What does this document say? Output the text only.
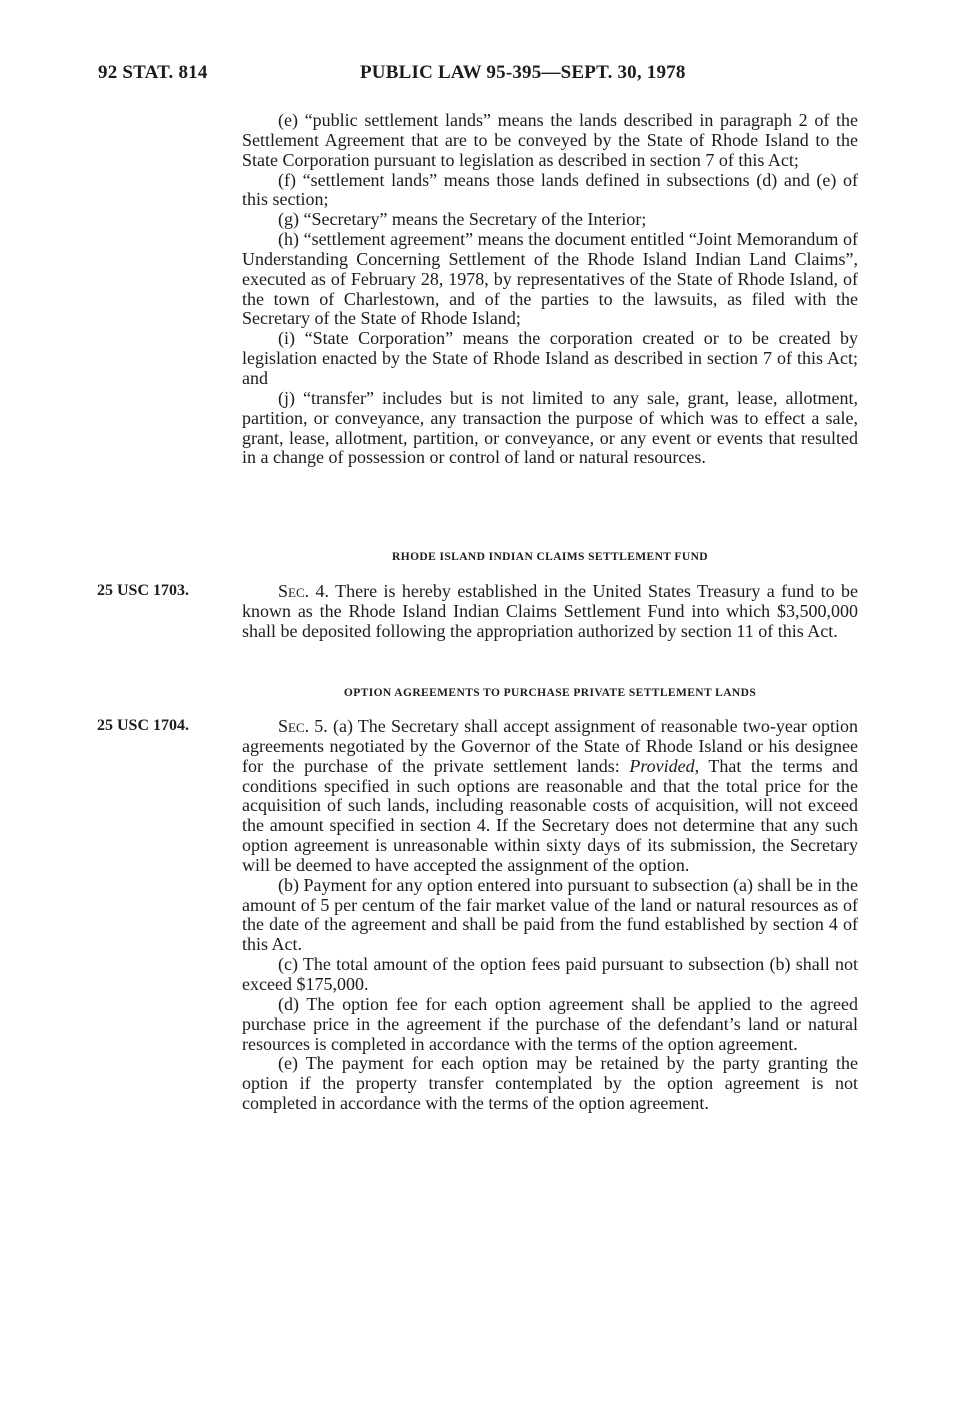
92 STAT. 814	PUBLIC LAW 95-395—SEPT. 30, 1978

(e) “public settlement lands” means the lands described in paragraph 2 of the Settlement Agreement that are to be conveyed by the State of Rhode Island to the State Corporation pursuant to legislation as described in section 7 of this Act;

(f) “settlement lands” means those lands defined in subsections (d) and (e) of this section;

(g) “Secretary” means the Secretary of the Interior;

(h) “settlement agreement” means the document entitled “Joint Memorandum of Understanding Concerning Settlement of the Rhode Island Indian Land Claims”, executed as of February 28, 1978, by representatives of the State of Rhode Island, of the town of Charlestown, and of the parties to the lawsuits, as filed with the Secretary of the State of Rhode Island;

(i) “State Corporation” means the corporation created or to be created by legislation enacted by the State of Rhode Island as described in section 7 of this Act; and

(j) “transfer” includes but is not limited to any sale, grant, lease, allotment, partition, or conveyance, any transaction the purpose of which was to effect a sale, grant, lease, allotment, partition, or conveyance, or any event or events that resulted in a change of possession or control of land or natural resources.

RHODE ISLAND INDIAN CLAIMS SETTLEMENT FUND
25 USC 1703.	Sec. 4. There is hereby established in the United States Treasury a fund to be known as the Rhode Island Indian Claims Settlement Fund into which $3,500,000 shall be deposited following the appropriation authorized by section 11 of this Act.

OPTION AGREEMENTS TO PURCHASE PRIVATE SETTLEMENT LANDS
25 USC 1704.	Sec. 5. (a) The Secretary shall accept assignment of reasonable two-year option agreements negotiated by the Governor of the State of Rhode Island or his designee for the purchase of the private settlement lands: Provided, That the terms and conditions specified in such options are reasonable and that the total price for the acquisition of such lands, including reasonable costs of acquisition, will not exceed the amount specified in section 4. If the Secretary does not determine that any such option agreement is unreasonable within sixty days of its submission, the Secretary will be deemed to have accepted the assignment of the option.

(b) Payment for any option entered into pursuant to subsection (a) shall be in the amount of 5 per centum of the fair market value of the land or natural resources as of the date of the agreement and shall be paid from the fund established by section 4 of this Act.

(c) The total amount of the option fees paid pursuant to subsection (b) shall not exceed $175,000.

(d) The option fee for each option agreement shall be applied to the agreed purchase price in the agreement if the purchase of the defendant’s land or natural resources is completed in accordance with the terms of the option agreement.

(e) The payment for each option may be retained by the party granting the option if the property transfer contemplated by the option agreement is not completed in accordance with the terms of the option agreement.
